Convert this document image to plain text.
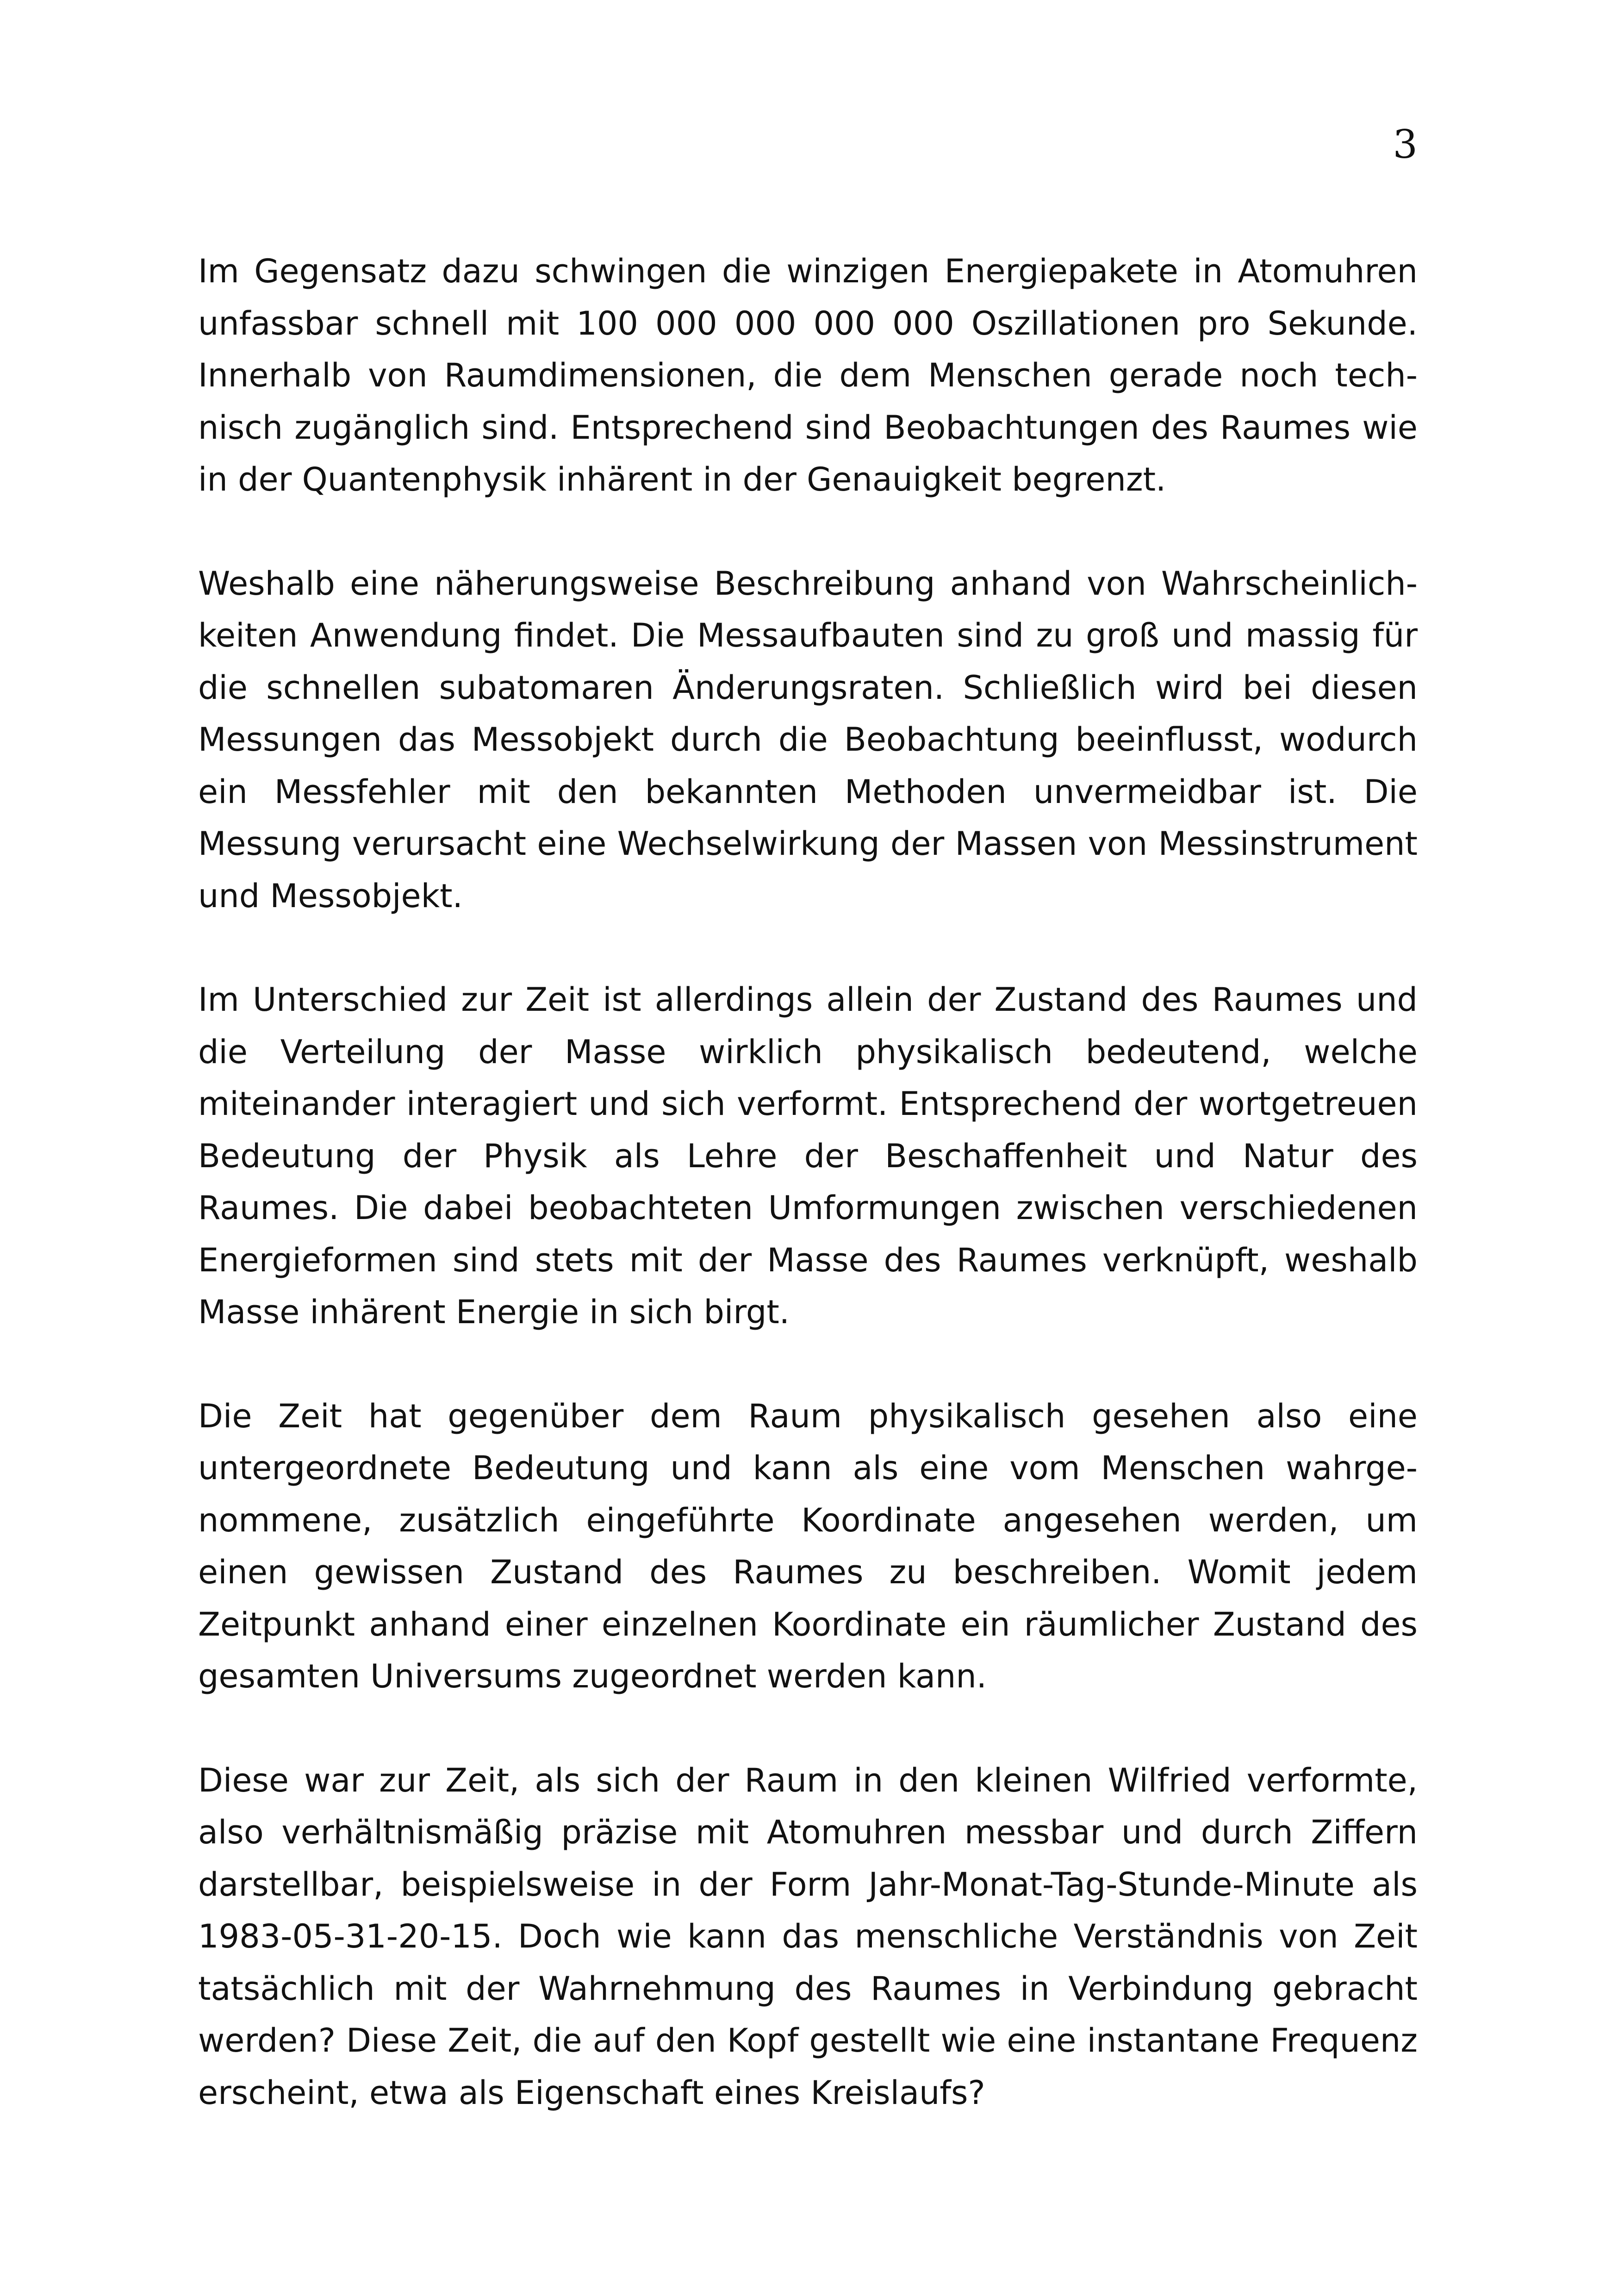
3

Im Gegensatz dazu schwingen die winzigen Energiepakete in Atomuhren unfassbar schnell mit 100 000 000 000 000 Oszillationen pro Sekunde. Innerhalb von Raumdimensionen, die dem Menschen gerade noch technisch zugänglich sind. Entsprechend sind Beobachtungen des Raumes wie in der Quantenphysik inhärent in der Genauigkeit begrenzt.

Weshalb eine näherungsweise Beschreibung anhand von Wahrscheinlichkeiten Anwendung findet. Die Messaufbauten sind zu groß und massig für die schnellen subatomaren Änderungsraten. Schließlich wird bei diesen Messungen das Messobjekt durch die Beobachtung beeinflusst, wodurch ein Messfehler mit den bekannten Methoden unvermeidbar ist. Die Messung verursacht eine Wechselwirkung der Massen von Messinstrument und Messobjekt.

Im Unterschied zur Zeit ist allerdings allein der Zustand des Raumes und die Verteilung der Masse wirklich physikalisch bedeutend, welche miteinander interagiert und sich verformt. Entsprechend der wortgetreuen Bedeutung der Physik als Lehre der Beschaffenheit und Natur des Raumes. Die dabei beobachteten Umformungen zwischen verschiedenen Energieformen sind stets mit der Masse des Raumes verknüpft, weshalb Masse inhärent Energie in sich birgt.

Die Zeit hat gegenüber dem Raum physikalisch gesehen also eine untergeordnete Bedeutung und kann als eine vom Menschen wahrgenommene, zusätzlich eingeführte Koordinate angesehen werden, um einen gewissen Zustand des Raumes zu beschreiben. Womit jedem Zeitpunkt anhand einer einzelnen Koordinate ein räumlicher Zustand des gesamten Universums zugeordnet werden kann.

Diese war zur Zeit, als sich der Raum in den kleinen Wilfried verformte, also verhältnismäßig präzise mit Atomuhren messbar und durch Ziffern darstellbar, beispielsweise in der Form Jahr-Monat-Tag-Stunde-Minute als 1983-05-31-20-15. Doch wie kann das menschliche Verständnis von Zeit tatsächlich mit der Wahrnehmung des Raumes in Verbindung gebracht werden? Diese Zeit, die auf den Kopf gestellt wie eine instantane Frequenz erscheint, etwa als Eigenschaft eines Kreislaufs?
